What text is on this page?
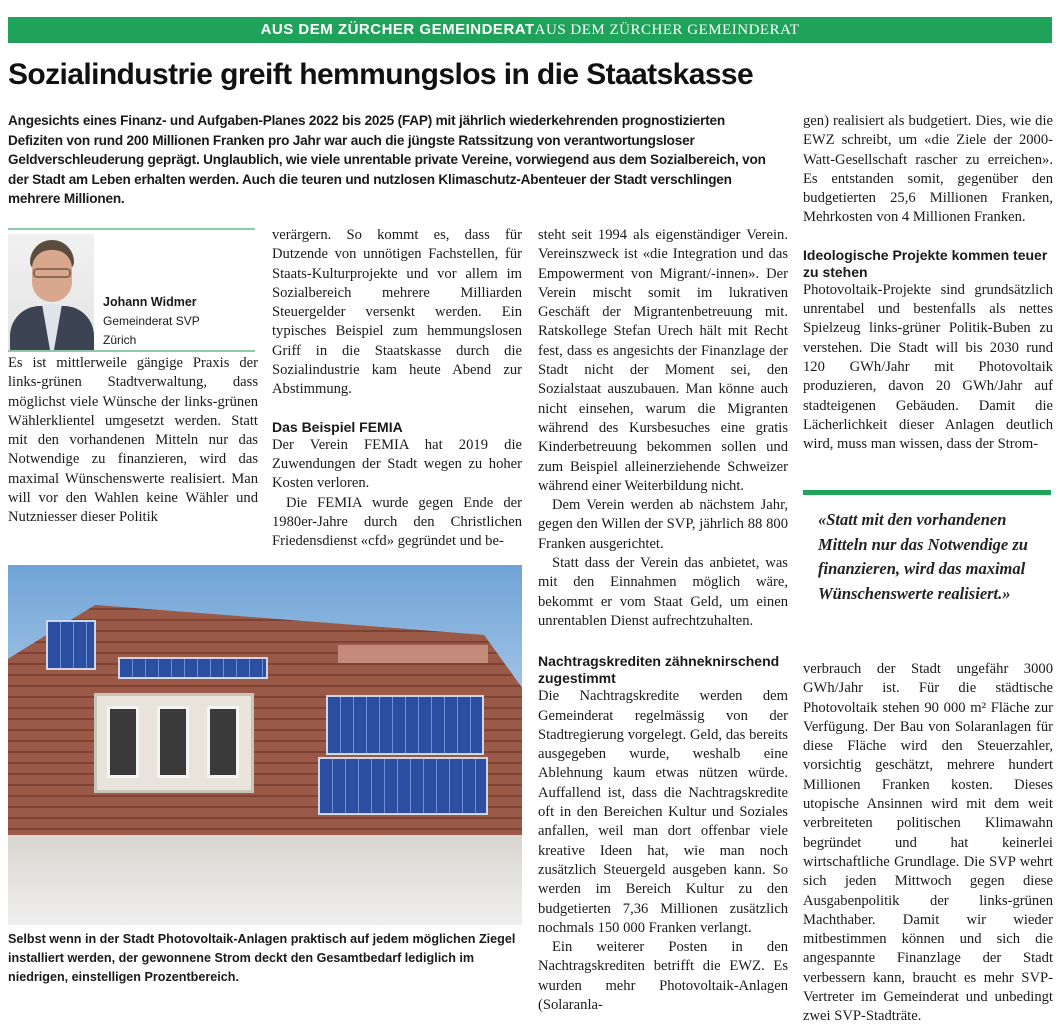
AUS DEM ZÜRCHER GEMEINDERATAUS DEM ZÜRCHER GEMEINDERAT
Sozialindustrie greift hemmungslos in die Staatskasse

Angesichts eines Finanz- und Aufgaben-Planes 2022 bis 2025 (FAP) mit jährlich wiederkehrenden prognostizierten Defiziten von rund 200 Millionen Franken pro Jahr war auch die jüngste Ratssitzung von verantwortungsloser Geldverschleuderung geprägt. Unglaublich, wie viele unrentable private Vereine, vorwiegend aus dem Sozialbereich, von der Stadt am Leben erhalten werden. Auch die teuren und nutzlosen Klimaschutz-Abenteuer der Stadt verschlingen mehrere Millionen.

Johann Widmer
Gemeinderat SVP
Zürich

Es ist mittlerweile gängige Praxis der links-grünen Stadtverwaltung, dass möglichst viele Wünsche der links-grünen Wählerklientel umgesetzt werden. Statt mit den vorhandenen Mitteln nur das Notwendige zu finanzieren, wird das maximal Wünschenswerte realisiert. Man will vor den Wahlen keine Wähler und Nutzniesser dieser Politik

verärgern. So kommt es, dass für Dutzende von unnötigen Fachstellen, für Staats-Kulturprojekte und vor allem im Sozialbereich mehrere Milliarden Steuergelder versenkt werden. Ein typisches Beispiel zum hemmungslosen Griff in die Staatskasse durch die Sozialindustrie kam heute Abend zur Abstimmung.

Das Beispiel FEMIA

Der Verein FEMIA hat 2019 die Zuwendungen der Stadt wegen zu hoher Kosten verloren.

Die FEMIA wurde gegen Ende der 1980er-Jahre durch den Christlichen Friedensdienst «cfd» gegründet und be-

Selbst wenn in der Stadt Photovoltaik-Anlagen praktisch auf jedem möglichen Ziegel installiert werden, der gewonnene Strom deckt den Gesamtbedarf lediglich im niedrigen, einstelligen Prozentbereich.

steht seit 1994 als eigenständiger Verein. Vereinszweck ist «die Integration und das Empowerment von Migrant/-innen». Der Verein mischt somit im lukrativen Geschäft der Migrantenbetreuung mit. Ratskollege Stefan Urech hält mit Recht fest, dass es angesichts der Finanzlage der Stadt nicht der Moment sei, den Sozialstaat auszubauen. Man könne auch nicht einsehen, warum die Migranten während des Kursbesuches eine gratis Kinderbetreuung bekommen sollen und zum Beispiel alleinerziehende Schweizer während einer Weiterbildung nicht.

Dem Verein werden ab nächstem Jahr, gegen den Willen der SVP, jährlich 88 800 Franken ausgerichtet.

Statt dass der Verein das anbietet, was mit den Einnahmen möglich wäre, bekommt er vom Staat Geld, um einen unrentablen Dienst aufrechtzuhalten.

Nachtragskrediten zähneknirschend zugestimmt

Die Nachtragskredite werden dem Gemeinderat regelmässig von der Stadtregierung vorgelegt. Geld, das bereits ausgegeben wurde, weshalb eine Ablehnung kaum etwas nützen würde. Auffallend ist, dass die Nachtragskredite oft in den Bereichen Kultur und Soziales anfallen, weil man dort offenbar viele kreative Ideen hat, wie man noch zusätzlich Steuergeld ausgeben kann. So werden im Bereich Kultur zu den budgetierten 7,36 Millionen zusätzlich nochmals 150 000 Franken verlangt.

Ein weiterer Posten in den Nachtragskrediten betrifft die EWZ. Es wurden mehr Photovoltaik-Anlagen (Solaranla-

gen) realisiert als budgetiert. Dies, wie die EWZ schreibt, um «die Ziele der 2000-Watt-Gesellschaft rascher zu erreichen». Es entstanden somit, gegenüber den budgetierten 25,6 Millionen Franken, Mehrkosten von 4 Millionen Franken.

Ideologische Projekte kommen teuer zu stehen

Photovoltaik-Projekte sind grundsätzlich unrentabel und bestenfalls als nettes Spielzeug links-grüner Politik-Buben zu verstehen. Die Stadt will bis 2030 rund 120 GWh/Jahr mit Photovoltaik produzieren, davon 20 GWh/Jahr auf stadteigenen Gebäuden. Damit die Lächerlichkeit dieser Anlagen deutlich wird, muss man wissen, dass der Strom-

«Statt mit den vorhandenen Mitteln nur das Notwendige zu finanzieren, wird das maximal Wünschenswerte realisiert.»

verbrauch der Stadt ungefähr 3000 GWh/Jahr ist. Für die städtische Photovoltaik stehen 90 000 m² Fläche zur Verfügung. Der Bau von Solaranlagen für diese Fläche wird den Steuerzahler, vorsichtig geschätzt, mehrere hundert Millionen Franken kosten. Dieses utopische Ansinnen wird mit dem weit verbreiteten politischen Klimawahn begründet und hat keinerlei wirtschaftliche Grundlage. Die SVP wehrt sich jeden Mittwoch gegen diese Ausgabenpolitik der links-grünen Machthaber. Damit wir wieder mitbestimmen können und sich die angespannte Finanzlage der Stadt verbessern kann, braucht es mehr SVP-Vertreter im Gemeinderat und unbedingt zwei SVP-Stadträte.
